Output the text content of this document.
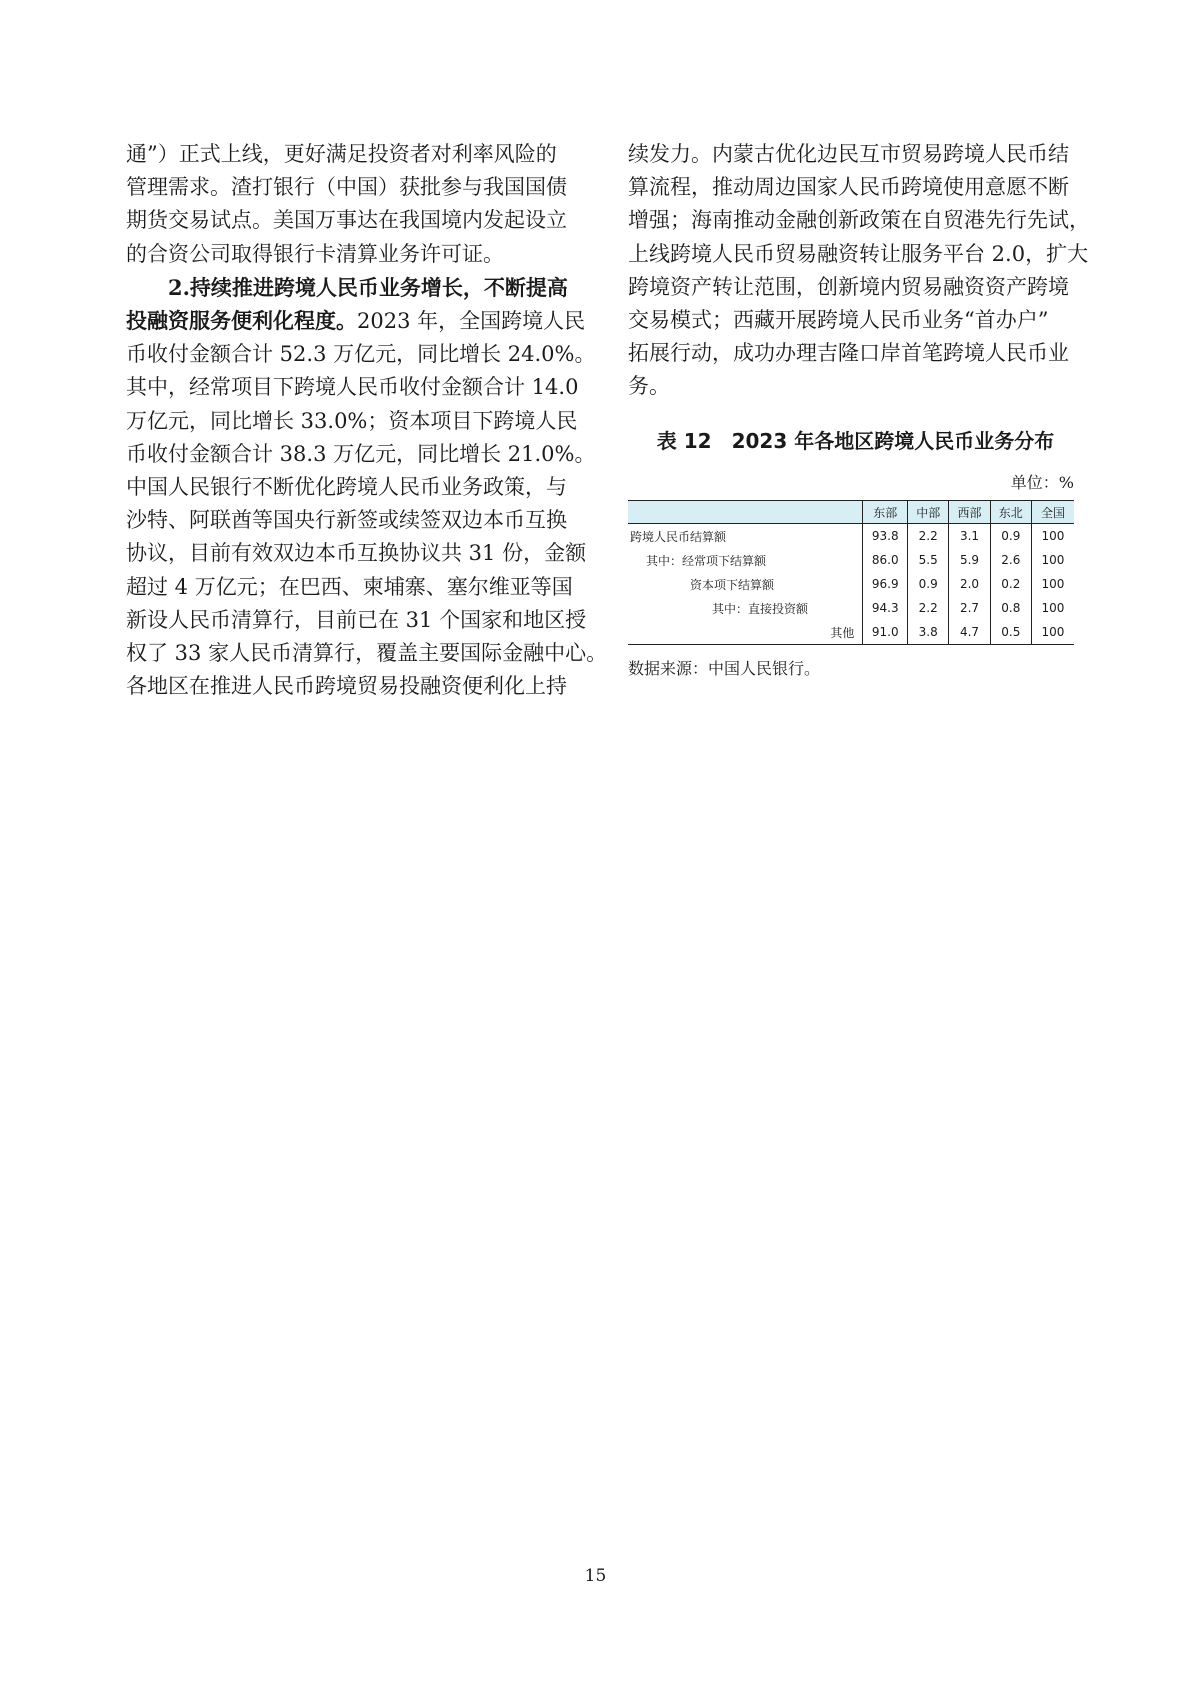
通”）正式上线，更好满足投资者对利率风险的
管理需求。渣打银行（中国）获批参与我国国债
期货交易试点。美国万事达在我国境内发起设立
的合资公司取得银行卡清算业务许可证。

2.持续推进跨境人民币业务增长，不断提高
投融资服务便利化程度。2023 年，全国跨境人民
币收付金额合计 52.3 万亿元，同比增长 24.0%。
其中，经常项目下跨境人民币收付金额合计 14.0
万亿元，同比增长 33.0%；资本项目下跨境人民
币收付金额合计 38.3 万亿元，同比增长 21.0%。
中国人民银行不断优化跨境人民币业务政策，与
沙特、阿联酋等国央行新签或续签双边本币互换
协议，目前有效双边本币互换协议共 31 份，金额
超过 4 万亿元；在巴西、柬埔寨、塞尔维亚等国
新设人民币清算行，目前已在 31 个国家和地区授
权了 33 家人民币清算行，覆盖主要国际金融中心。
各地区在推进人民币跨境贸易投融资便利化上持

续发力。内蒙古优化边民互市贸易跨境人民币结
算流程，推动周边国家人民币跨境使用意愿不断
增强；海南推动金融创新政策在自贸港先行先试，
上线跨境人民币贸易融资转让服务平台 2.0，扩大
跨境资产转让范围，创新境内贸易融资资产跨境
交易模式；西藏开展跨境人民币业务“首办户”
拓展行动，成功办理吉隆口岸首笔跨境人民币业
务。

表 12　2023 年各地区跨境人民币业务分布
单位：%
	东部	中部	西部	东北	全国
跨境人民币结算额	93.8	2.2	3.1	0.9	100
其中：经常项下结算额	86.0	5.5	5.9	2.6	100
资本项下结算额	96.9	0.9	2.0	0.2	100
其中：直接投资额	94.3	2.2	2.7	0.8	100
其他	91.0	3.8	4.7	0.5	100
数据来源：中国人民银行。
15
